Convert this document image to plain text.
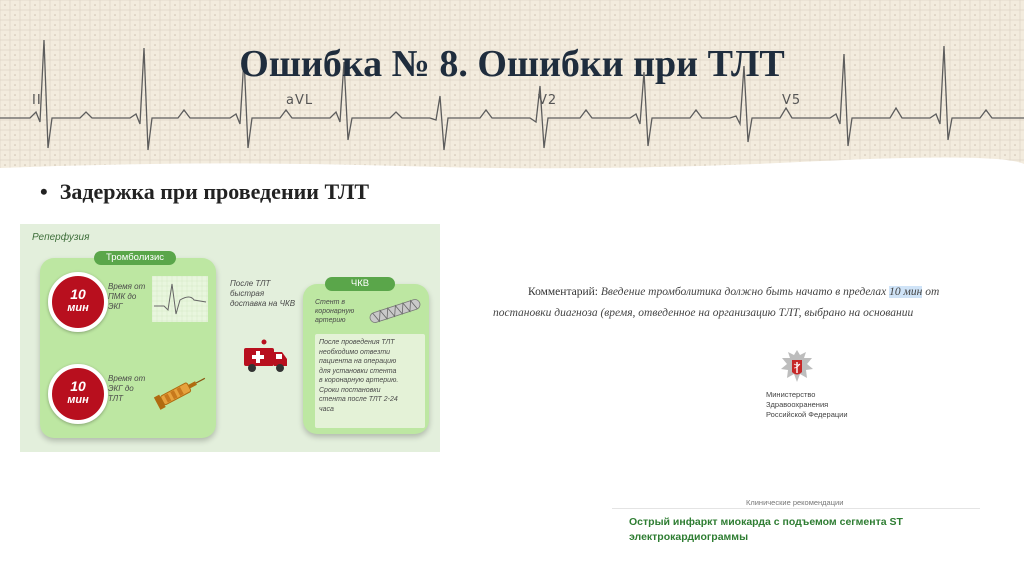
II	aVL	V2	V5
Ошибка № 8. Ошибки при ТЛТ
• Задержка при проведении ТЛТ
Реперфузия
Тромболизис
10
мин
Время от
ПМК до
ЭКГ
10
мин
Время от
ЭКГ до
ТЛТ
После ТЛТ
быстрая
доставка на ЧКВ
ЧКВ
Стент в
коронарную
артерию
После проведения ТЛТ
необходимо отвезти
пациента на операцию
для установки стента
в коронарную артерию.
Сроки постановки
стента после ТЛТ 2-24
часа
Комментарий: Введение тромболитика должно быть начато в пределах 10 мин от
постановки диагноза (время, отведенное на организацию ТЛТ, выбрано на основании
Министерство
Здравоохранения
Российской Федерации
Клинические рекомендации
Острый инфаркт миокарда с подъемом сегмента ST
электрокардиограммы
